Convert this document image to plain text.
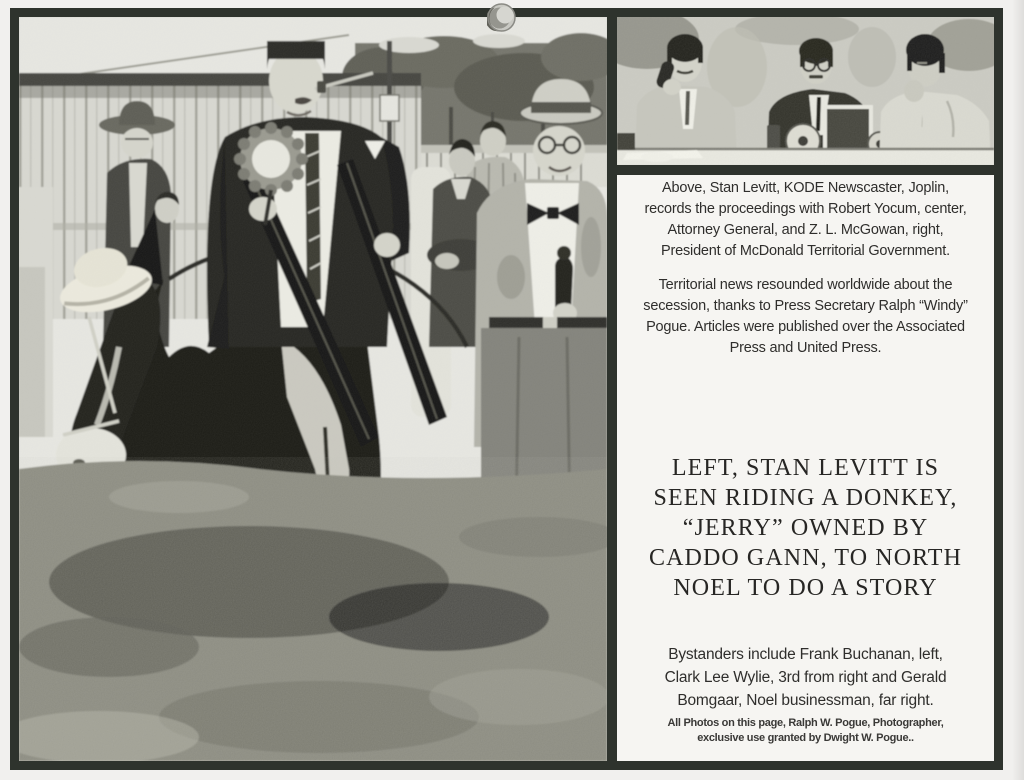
Above, Stan Levitt, KODE Newscaster, Joplin,
records the proceedings with Robert Yocum, center,
Attorney General, and Z. L. McGowan, right,
President of McDonald Territorial Government.
Territorial news resounded worldwide about the
secession, thanks to Press Secretary Ralph “Windy”
Pogue. Articles were published over the Associated
Press and United Press.
LEFT, STAN LEVITT IS
SEEN RIDING A DONKEY,
“JERRY” OWNED BY
CADDO GANN, TO NORTH
NOEL TO DO A STORY
Bystanders include Frank Buchanan, left,
Clark Lee Wylie, 3rd from right and Gerald
Bomgaar, Noel businessman, far right.
All Photos on this page, Ralph W. Pogue, Photographer,
exclusive use granted by Dwight W. Pogue..
